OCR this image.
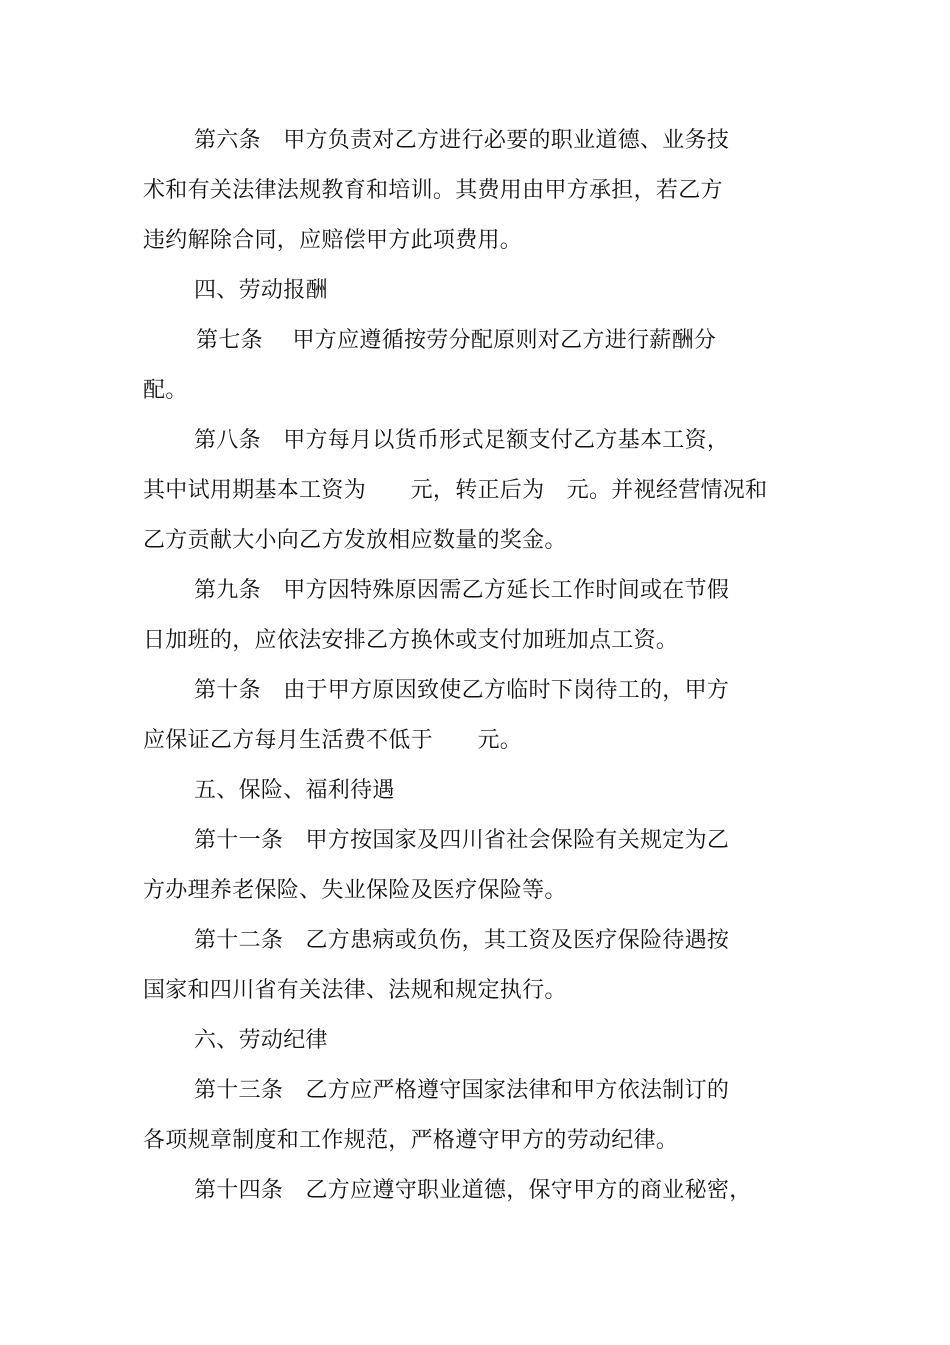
第六条　甲方负责对乙方进行必要的职业道德、业务技

术和有关法律法规教育和培训。其费用由甲方承担，若乙方

违约解除合同，应赔偿甲方此项费用。

四、劳动报酬

第七条　 甲方应遵循按劳分配原则对乙方进行薪酬分

配。

第八条　甲方每月以货币形式足额支付乙方基本工资，

其中试用期基本工资为　　元，转正后为　元。并视经营情况和

乙方贡献大小向乙方发放相应数量的奖金。

第九条　甲方因特殊原因需乙方延长工作时间或在节假

日加班的，应依法安排乙方换休或支付加班加点工资。

第十条　由于甲方原因致使乙方临时下岗待工的，甲方

应保证乙方每月生活费不低于　　元。

五、保险、福利待遇

第十一条　甲方按国家及四川省社会保险有关规定为乙

方办理养老保险、失业保险及医疗保险等。

第十二条　乙方患病或负伤，其工资及医疗保险待遇按

国家和四川省有关法律、法规和规定执行。

六、劳动纪律

第十三条　乙方应严格遵守国家法律和甲方依法制订的

各项规章制度和工作规范，严格遵守甲方的劳动纪律。

第十四条　乙方应遵守职业道德，保守甲方的商业秘密，
